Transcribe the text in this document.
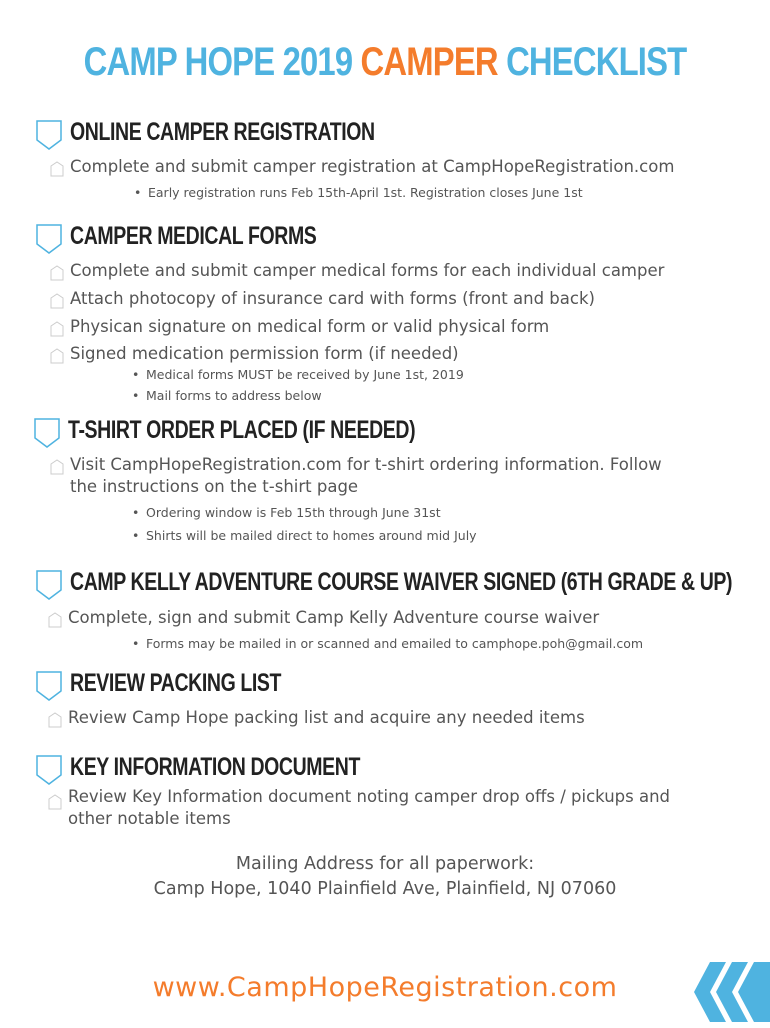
CAMP HOPE 2019 CAMPER CHECKLIST
ONLINE CAMPER REGISTRATION
Complete and submit camper registration at CampHopeRegistration.com
• Early registration runs Feb 15th-April 1st. Registration closes June 1st
CAMPER MEDICAL FORMS
Complete and submit camper medical forms for each individual camper
Attach photocopy of insurance card with forms (front and back)
Physican signature on medical form or valid physical form
Signed medication permission form (if needed)
• Medical forms MUST be received by June 1st, 2019
• Mail forms to address below
T-SHIRT ORDER PLACED (IF NEEDED)
Visit CampHopeRegistration.com for t-shirt ordering information. Follow the instructions on the t-shirt page
• Ordering window is Feb 15th through June 31st
• Shirts will be mailed direct to homes around mid July
CAMP KELLY ADVENTURE COURSE WAIVER SIGNED (6TH GRADE & UP)
Complete, sign and submit Camp Kelly Adventure course waiver
• Forms may be mailed in or scanned and emailed to camphope.poh@gmail.com
REVIEW PACKING LIST
Review Camp Hope packing list and acquire any needed items
KEY INFORMATION DOCUMENT
Review Key Information document noting camper drop offs / pickups and other notable items
Mailing Address for all paperwork:
Camp Hope, 1040 Plainfield Ave, Plainfield, NJ 07060
www.CampHopeRegistration.com
